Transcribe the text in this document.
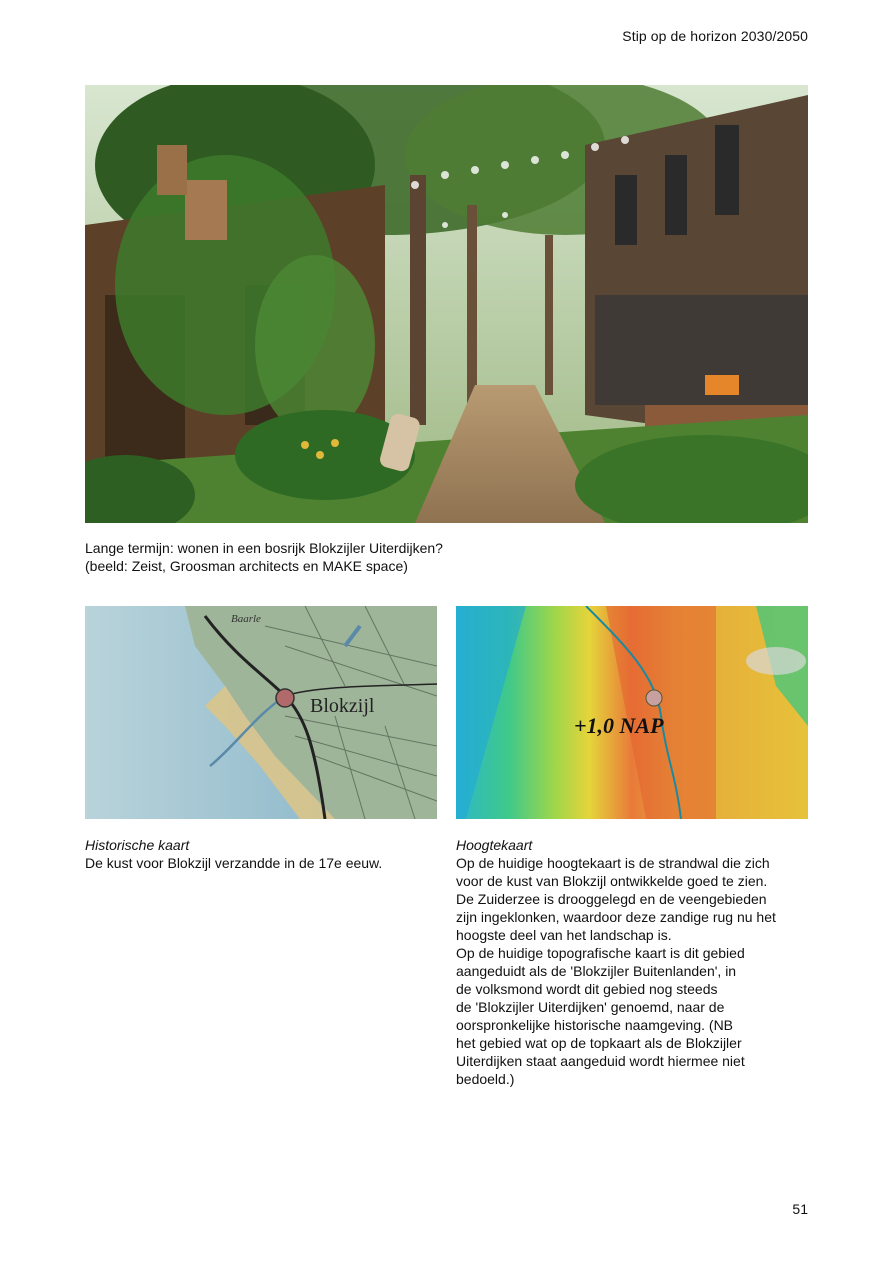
Stip op de horizon 2030/2050
Lange termijn: wonen in een bosrijk Blokzijler Uiterdijken?
(beeld: Zeist, Groosman architects en MAKE space)
Blokzijl
Baarle
+1,0 NAP
Historische kaart
De kust voor Blokzijl verzandde in de 17e eeuw.
Hoogtekaart
Op de huidige hoogtekaart is de strandwal die zich
voor de kust van Blokzijl ontwikkelde goed te zien.
De Zuiderzee is drooggelegd en de veengebieden
zijn ingeklonken, waardoor deze zandige rug nu het
hoogste deel van het landschap is.
Op de huidige topografische kaart is dit gebied
aangeduidt als de 'Blokzijler Buitenlanden', in
de volksmond wordt dit gebied nog steeds
de 'Blokzijler Uiterdijken' genoemd, naar de
oorspronkelijke historische naamgeving. (NB
het gebied wat op de topkaart als de Blokzijler
Uiterdijken staat aangeduid wordt hiermee niet
bedoeld.)
51
